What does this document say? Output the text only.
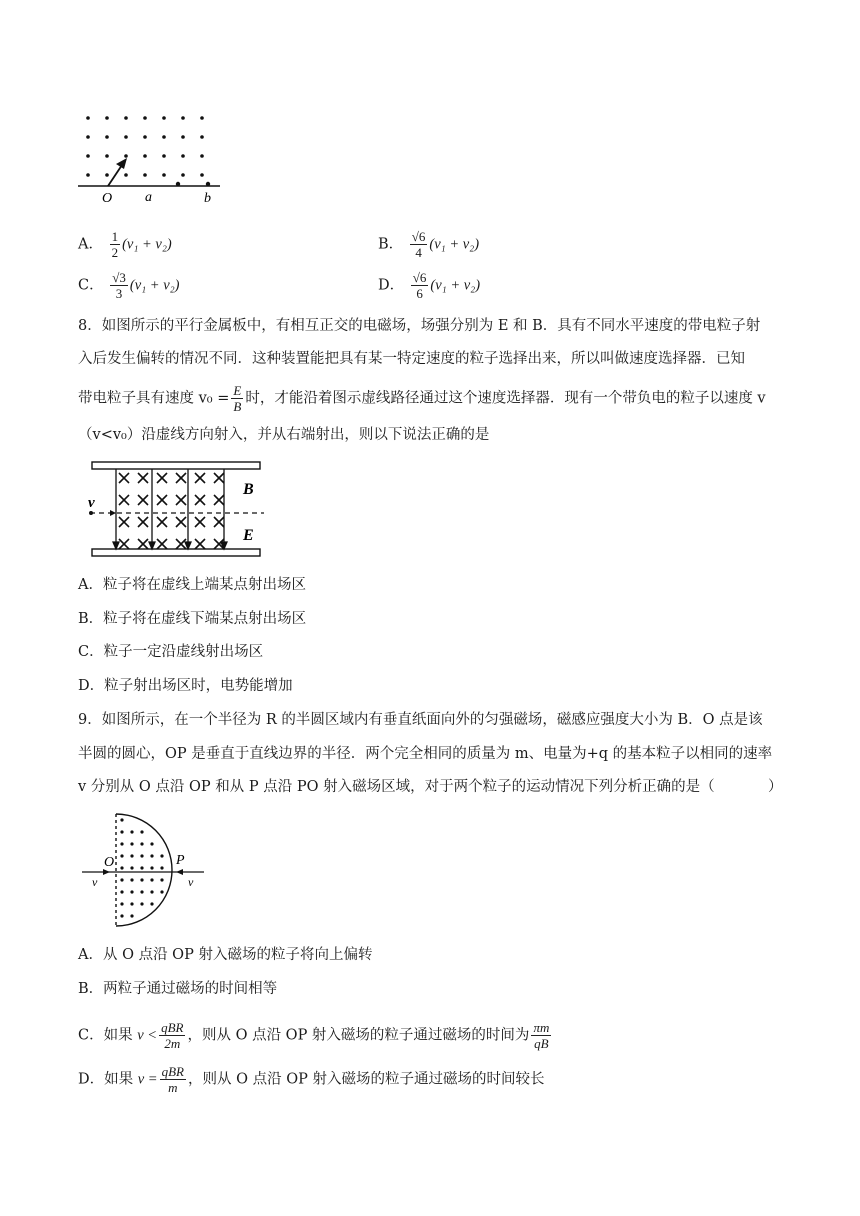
O a	b
A． $\frac{1}{2} (v_1 + v_2)$	B． $\frac{√6}{4} (v_1 + v_2)$
C． $\frac{√3}{3} (v_1 + v_2)$	D． $\frac{√6}{6} (v_1 + v_2)$
8．如图所示的平行金属板中，有相互正交的电磁场，场强分别为 E 和 B．具有不同水平速度的带电粒子射
入后发生偏转的情况不同．这种装置能把具有某一特定速度的粒子选择出来，所以叫做速度选择器．已知
带电粒子具有速度 $v_0 = \frac{E}{B}$ 时，才能沿着图示虚线路径通过这个速度选择器．现有一个带负电的粒子以速度 v
（v<v₀）沿虚线方向射入，并从右端射出，则以下说法正确的是
v
B
E
A．粒子将在虚线上端某点射出场区
B．粒子将在虚线下端某点射出场区
C．粒子一定沿虚线射出场区
D．粒子射出场区时，电势能增加
9．如图所示，在一个半径为 R 的半圆区域内有垂直纸面向外的匀强磁场，磁感应强度大小为 B．O 点是该
半圆的圆心，OP 是垂直于直线边界的半径．两个完全相同的质量为 m、电量为+q 的基本粒子以相同的速率
v 分别从 O 点沿 OP 和从 P 点沿 PO 射入磁场区域，对于两个粒子的运动情况下列分析正确的是（	）
O	P
v	v
A．从 O 点沿 OP 射入磁场的粒子将向上偏转
B．两粒子通过磁场的时间相等
C．如果 $v < \frac{\text{qBR}}{2m}$ ，则从 O 点沿 OP 射入磁场的粒子通过磁场的时间为 $\frac{\pi m}{qB}$
D．如果 $v = \frac{\text{qBR}}{m}$ ，则从 O 点沿 OP 射入磁场的粒子通过磁场的时间较长
